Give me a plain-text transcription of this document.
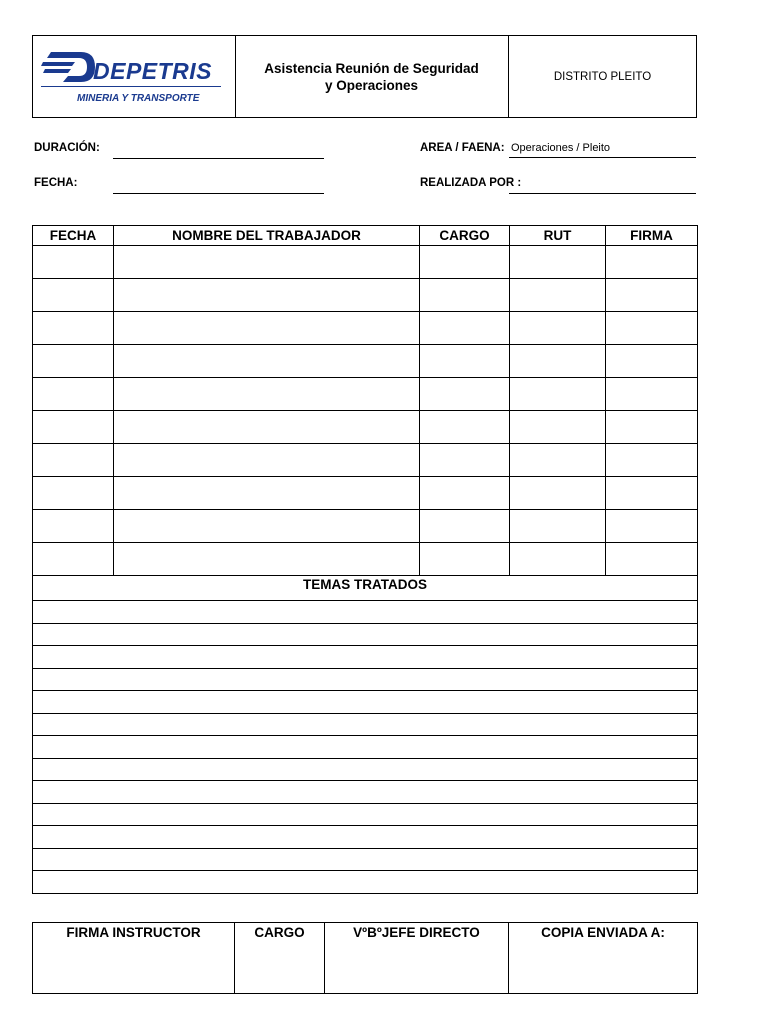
DEPETRIS
MINERIA Y TRANSPORTE
Asistencia Reunión de Seguridad y Operaciones
DISTRITO PLEITO
DURACIÓN:
FECHA:
AREA / FAENA: Operaciones / Pleito
REALIZADA POR :
FECHA	NOMBRE DEL TRABAJADOR	CARGO	RUT	FIRMA

TEMAS TRATADOS				

FIRMA INSTRUCTOR	CARGO	VºBºJEFE DIRECTO	COPIA ENVIADA A:
